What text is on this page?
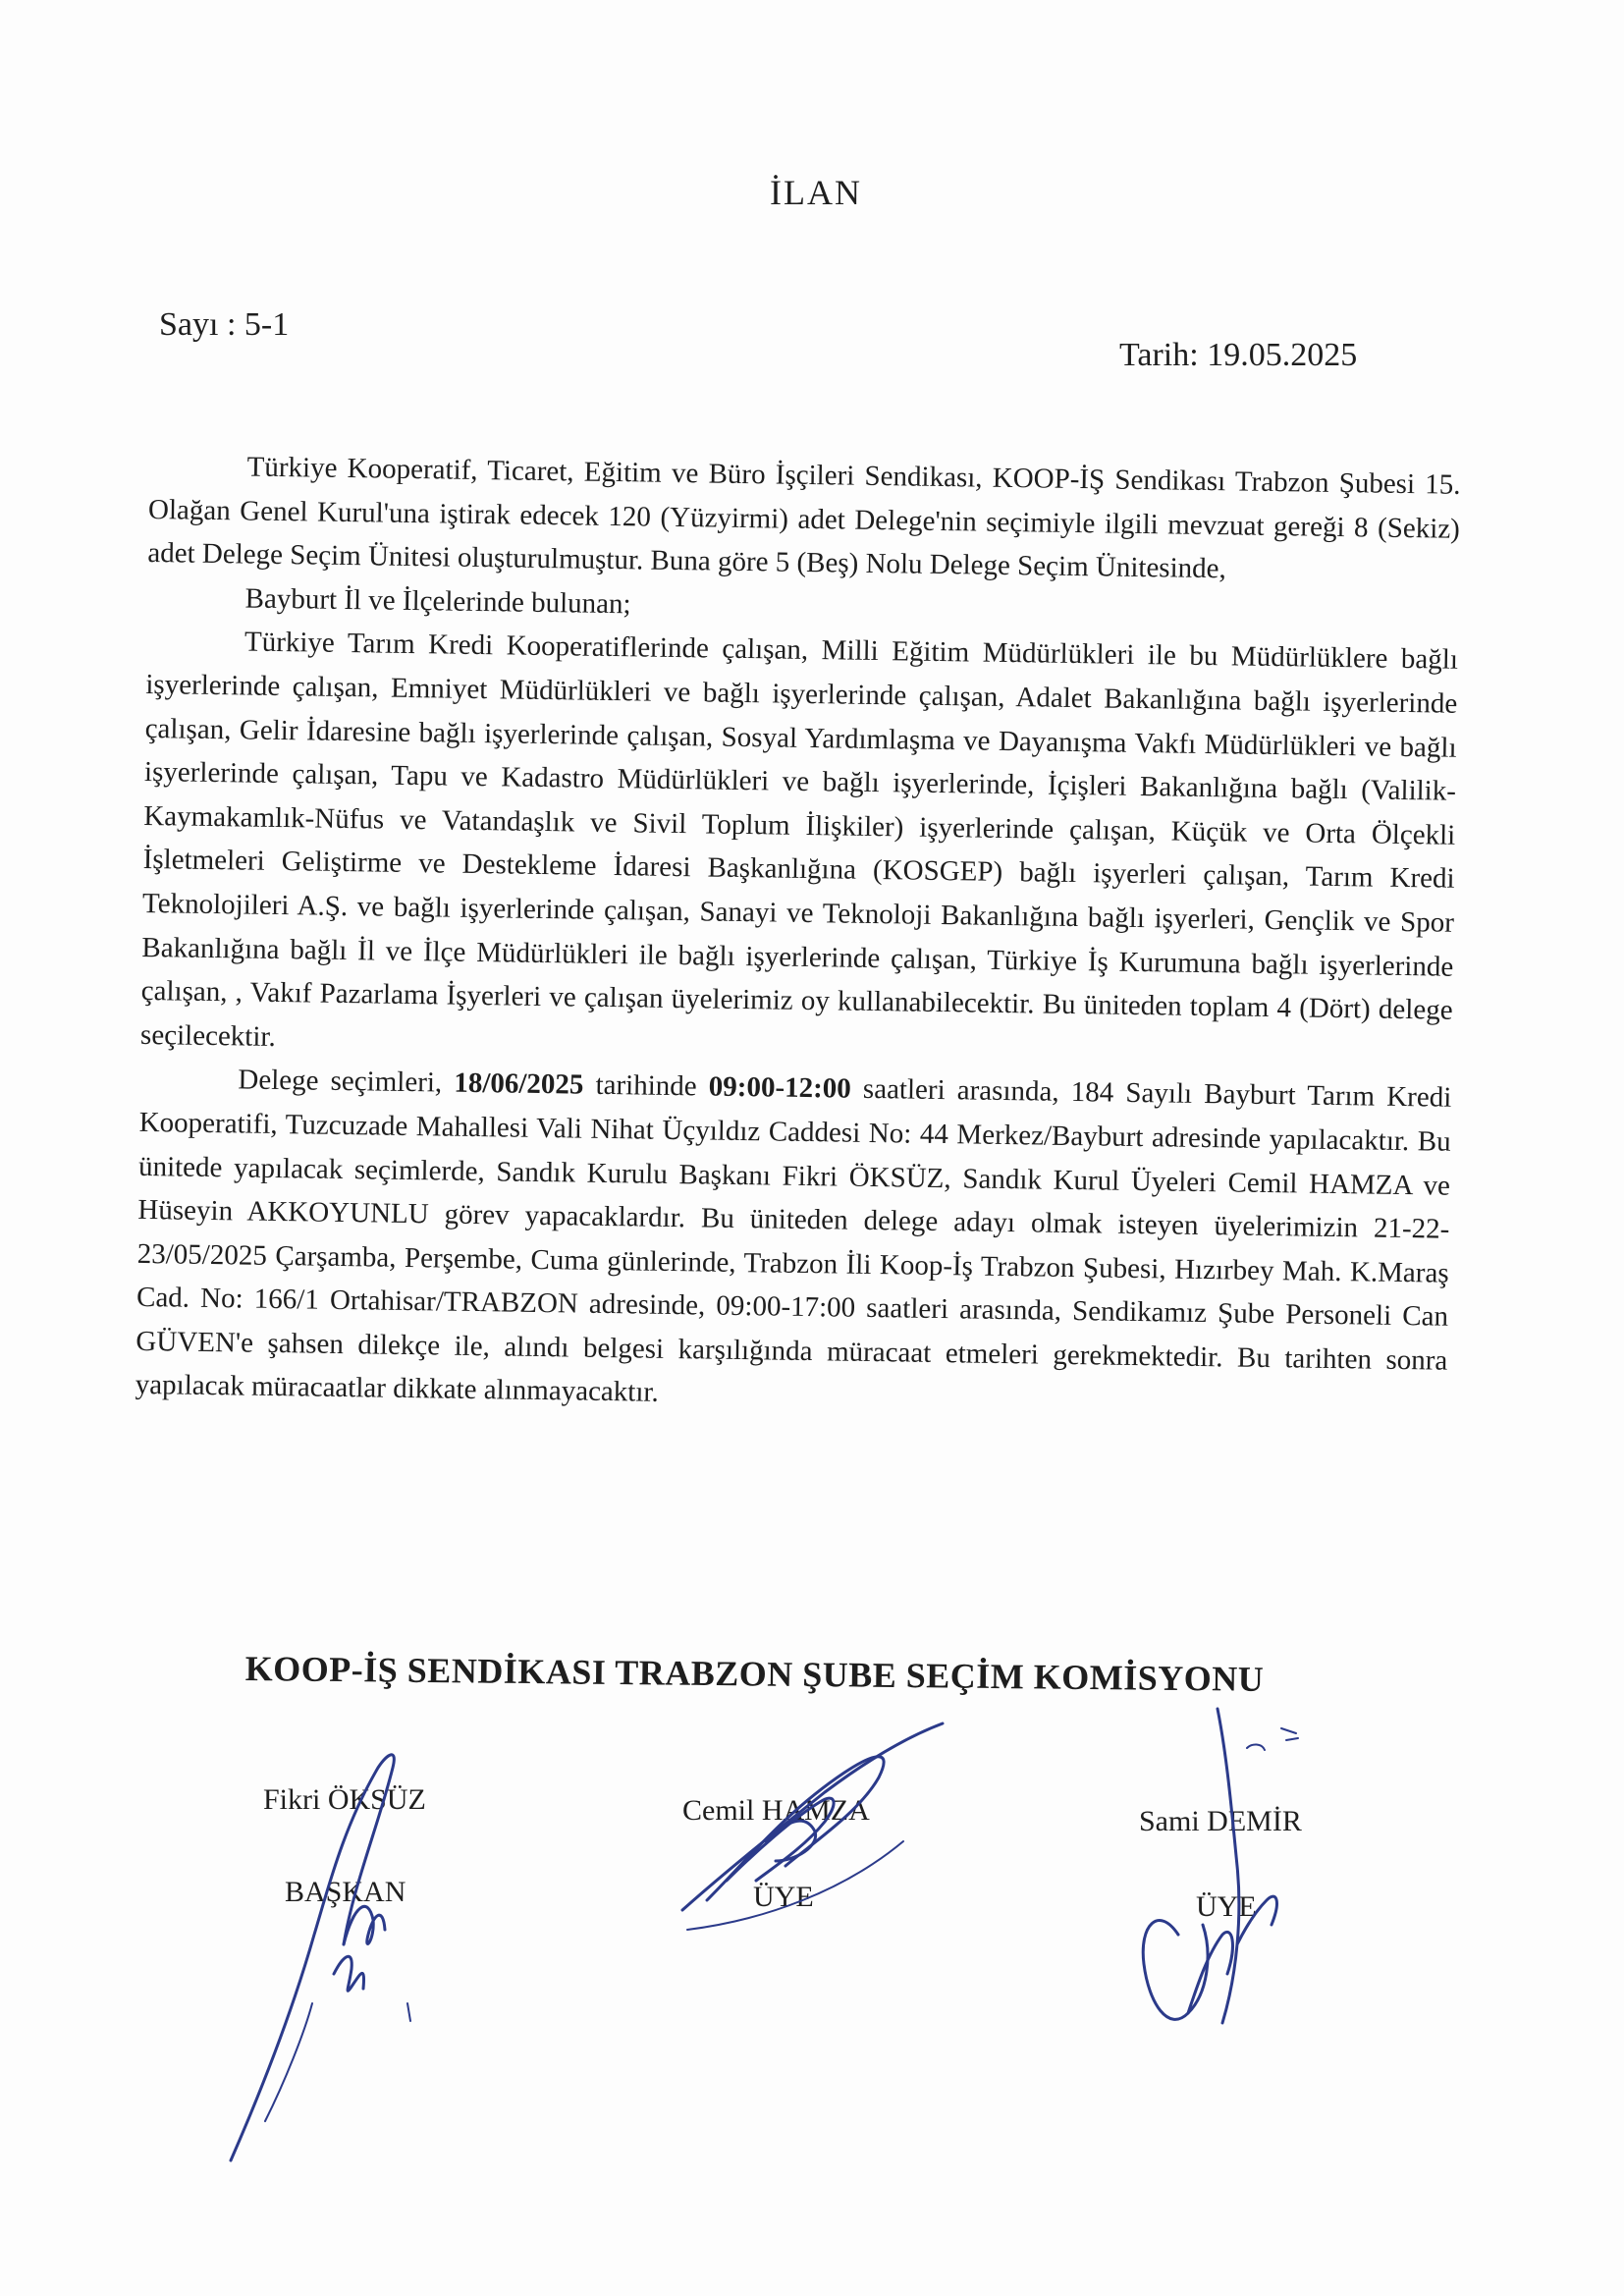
İLAN
Sayı : 5-1
Tarih: 19.05.2025

Türkiye Kooperatif, Ticaret, Eğitim ve Büro İşçileri Sendikası, KOOP-İŞ Sendikası Trabzon Şubesi 15. Olağan Genel Kurul'una iştirak edecek 120 (Yüzyirmi) adet Delege'nin seçimiyle ilgili mevzuat gereği 8 (Sekiz) adet Delege Seçim Ünitesi oluşturulmuştur. Buna göre 5 (Beş) Nolu Delege Seçim Ünitesinde,

Bayburt İl ve İlçelerinde bulunan;

Türkiye Tarım Kredi Kooperatiflerinde çalışan, Milli Eğitim Müdürlükleri ile bu Müdürlüklere bağlı işyerlerinde çalışan, Emniyet Müdürlükleri ve bağlı işyerlerinde çalışan, Adalet Bakanlığına bağlı işyerlerinde çalışan, Gelir İdaresine bağlı işyerlerinde çalışan, Sosyal Yardımlaşma ve Dayanışma Vakfı Müdürlükleri ve bağlı işyerlerinde çalışan, Tapu ve Kadastro Müdürlükleri ve bağlı işyerlerinde, İçişleri Bakanlığına bağlı (Valilik-Kaymakamlık-Nüfus ve Vatandaşlık ve Sivil Toplum İlişkiler) işyerlerinde çalışan, Küçük ve Orta Ölçekli İşletmeleri Geliştirme ve Destekleme İdaresi Başkanlığına (KOSGEP) bağlı işyerleri çalışan, Tarım Kredi Teknolojileri A.Ş. ve bağlı işyerlerinde çalışan, Sanayi ve Teknoloji Bakanlığına bağlı işyerleri, Gençlik ve Spor Bakanlığına bağlı İl ve İlçe Müdürlükleri ile bağlı işyerlerinde çalışan, Türkiye İş Kurumuna bağlı işyerlerinde çalışan, , Vakıf Pazarlama İşyerleri ve çalışan üyelerimiz oy kullanabilecektir. Bu üniteden toplam 4 (Dört) delege seçilecektir.

Delege seçimleri, 18/06/2025 tarihinde 09:00-12:00 saatleri arasında, 184 Sayılı Bayburt Tarım Kredi Kooperatifi, Tuzcuzade Mahallesi Vali Nihat Üçyıldız Caddesi No: 44 Merkez/Bayburt adresinde yapılacaktır. Bu ünitede yapılacak seçimlerde, Sandık Kurulu Başkanı Fikri ÖKSÜZ, Sandık Kurul Üyeleri Cemil HAMZA ve Hüseyin AKKOYUNLU görev yapacaklardır. Bu üniteden delege adayı olmak isteyen üyelerimizin 21-22-23/05/2025 Çarşamba, Perşembe, Cuma günlerinde, Trabzon İli Koop-İş Trabzon Şubesi, Hızırbey Mah. K.Maraş Cad. No: 166/1 Ortahisar/TRABZON adresinde, 09:00-17:00 saatleri arasında, Sendikamız Şube Personeli Can GÜVEN'e şahsen dilekçe ile, alındı belgesi karşılığında müracaat etmeleri gerekmektedir. Bu tarihten sonra yapılacak müracaatlar dikkate alınmayacaktır.

KOOP-İŞ SENDİKASI TRABZON ŞUBE SEÇİM KOMİSYONU
Fikri ÖKSÜZ
BAŞKAN
Cemil HAMZA
ÜYE
Sami DEMİR
ÜYE
